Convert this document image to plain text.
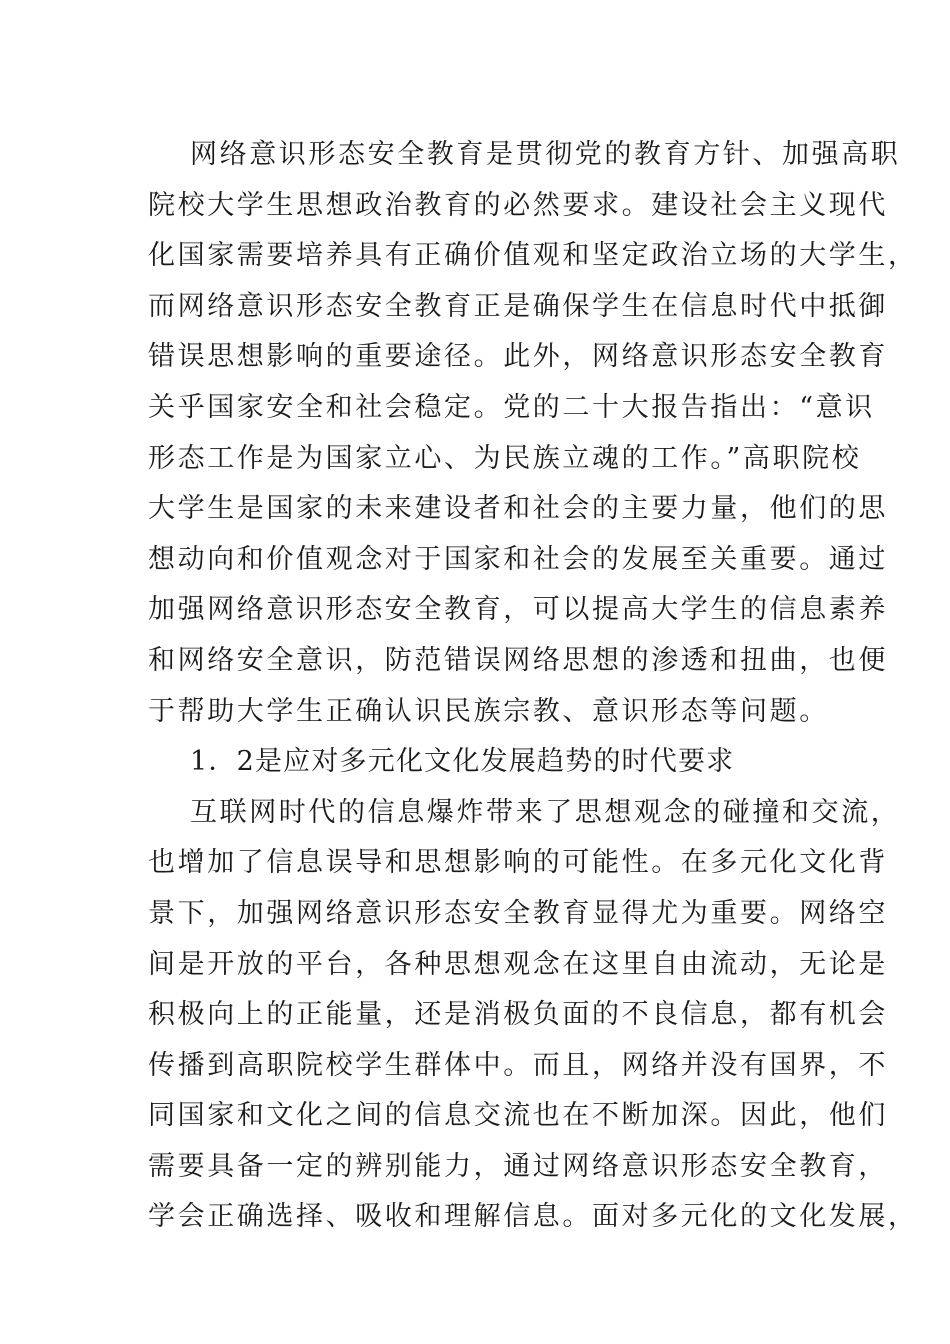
网络意识形态安全教育是贯彻党的教育方针、加强高职
院校大学生思想政治教育的必然要求。建设社会主义现代
化国家需要培养具有正确价值观和坚定政治立场的大学生，
而网络意识形态安全教育正是确保学生在信息时代中抵御
错误思想影响的重要途径。此外，网络意识形态安全教育
关乎国家安全和社会稳定。党的二十大报告指出：“意识
形态工作是为国家立心、为民族立魂的工作。”高职院校
大学生是国家的未来建设者和社会的主要力量，他们的思
想动向和价值观念对于国家和社会的发展至关重要。通过
加强网络意识形态安全教育，可以提高大学生的信息素养
和网络安全意识，防范错误网络思想的渗透和扭曲，也便
于帮助大学生正确认识民族宗教、意识形态等问题。
1．2是应对多元化文化发展趋势的时代要求
互联网时代的信息爆炸带来了思想观念的碰撞和交流，
也增加了信息误导和思想影响的可能性。在多元化文化背
景下，加强网络意识形态安全教育显得尤为重要。网络空
间是开放的平台，各种思想观念在这里自由流动，无论是
积极向上的正能量，还是消极负面的不良信息，都有机会
传播到高职院校学生群体中。而且，网络并没有国界，不
同国家和文化之间的信息交流也在不断加深。因此，他们
需要具备一定的辨别能力，通过网络意识形态安全教育，
学会正确选择、吸收和理解信息。面对多元化的文化发展，
